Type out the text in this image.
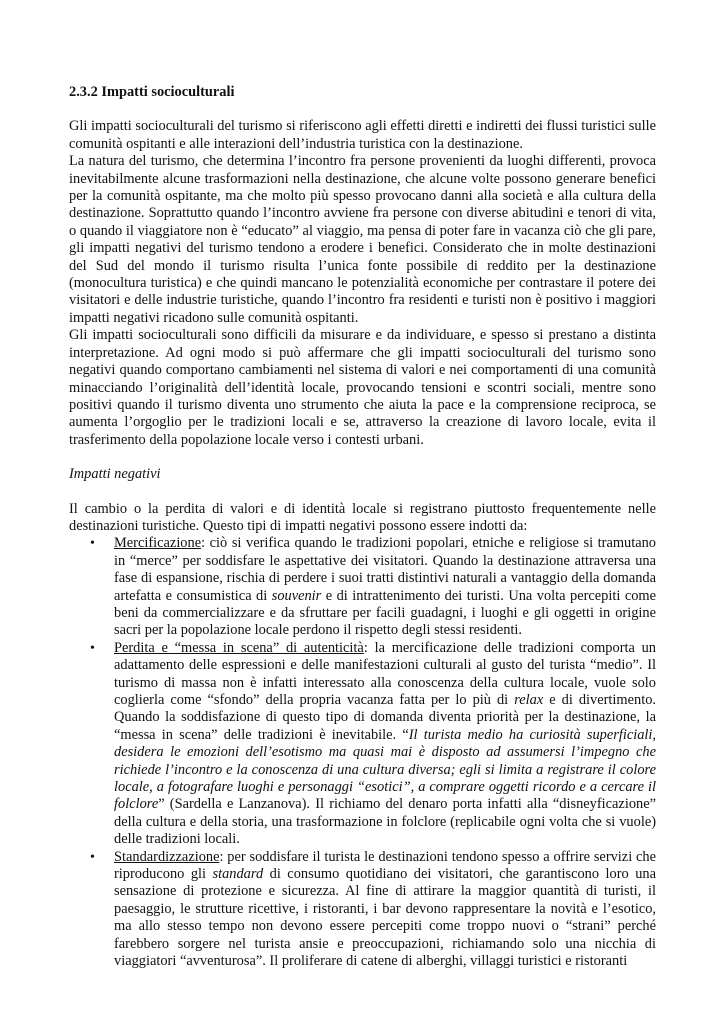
2.3.2 Impatti socioculturali

Gli impatti socioculturali del turismo si riferiscono agli effetti diretti e indiretti dei flussi turistici sulle comunità ospitanti e alle interazioni dell’industria turistica con la destinazione.

La natura del turismo, che determina l’incontro fra persone provenienti da luoghi differenti, provoca inevitabilmente alcune trasformazioni nella destinazione, che alcune volte possono generare benefici per la comunità ospitante, ma che molto più spesso provocano danni alla società e alla cultura della destinazione. Soprattutto quando l’incontro avviene fra persone con diverse abitudini e tenori di vita, o quando il viaggiatore non è “educato” al viaggio, ma pensa di poter fare in vacanza ciò che gli pare, gli impatti negativi del turismo tendono a erodere i benefici. Considerato che in molte destinazioni del Sud del mondo il turismo risulta l’unica fonte possibile di reddito per la destinazione (monocultura turistica) e che quindi mancano le potenzialità economiche per contrastare il potere dei visitatori e delle industrie turistiche, quando l’incontro fra residenti e turisti non è positivo i maggiori impatti negativi ricadono sulle comunità ospitanti.

Gli impatti socioculturali sono difficili da misurare e da individuare, e spesso si prestano a distinta interpretazione. Ad ogni modo si può affermare che gli impatti socioculturali del turismo sono negativi quando comportano cambiamenti nel sistema di valori e nei comportamenti di una comunità minacciando l’originalità dell’identità locale, provocando tensioni e scontri sociali, mentre sono positivi quando il turismo diventa uno strumento che aiuta la pace e la comprensione reciproca, se aumenta l’orgoglio per le tradizioni locali e se, attraverso la creazione di lavoro locale, evita il trasferimento della popolazione locale verso i contesti urbani.

Impatti negativi

Il cambio o la perdita di valori e di identità locale si registrano piuttosto frequentemente nelle destinazioni turistiche. Questo tipi di impatti negativi possono essere indotti da:

• Mercificazione: ciò si verifica quando le tradizioni popolari, etniche e religiose si tramutano in “merce” per soddisfare le aspettative dei visitatori. Quando la destinazione attraversa una fase di espansione, rischia di perdere i suoi tratti distintivi naturali a vantaggio della domanda artefatta e consumistica di souvenir e di intrattenimento dei turisti. Una volta percepiti come beni da commercializzare e da sfruttare per facili guadagni, i luoghi e gli oggetti in origine sacri per la popolazione locale perdono il rispetto degli stessi residenti.
• Perdita e “messa in scena” di autenticità: la mercificazione delle tradizioni comporta un adattamento delle espressioni e delle manifestazioni culturali al gusto del turista “medio”. Il turismo di massa non è infatti interessato alla conoscenza della cultura locale, vuole solo coglierla come “sfondo” della propria vacanza fatta per lo più di relax e di divertimento. Quando la soddisfazione di questo tipo di domanda diventa priorità per la destinazione, la “messa in scena” delle tradizioni è inevitabile. “Il turista medio ha curiosità superficiali, desidera le emozioni dell’esotismo ma quasi mai è disposto ad assumersi l’impegno che richiede l’incontro e la conoscenza di una cultura diversa; egli si limita a registrare il colore locale, a fotografare luoghi e personaggi “esotici”, a comprare oggetti ricordo e a cercare il folclore” (Sardella e Lanzanova). Il richiamo del denaro porta infatti alla “disneyficazione” della cultura e della storia, una trasformazione in folclore (replicabile ogni volta che si vuole) delle tradizioni locali.
• Standardizzazione: per soddisfare il turista le destinazioni tendono spesso a offrire servizi che riproducono gli standard di consumo quotidiano dei visitatori, che garantiscono loro una sensazione di protezione e sicurezza. Al fine di attirare la maggior quantità di turisti, il paesaggio, le strutture ricettive, i ristoranti, i bar devono rappresentare la novità e l’esotico, ma allo stesso tempo non devono essere percepiti come troppo nuovi o “strani” perché farebbero sorgere nel turista ansie e preoccupazioni, richiamando solo una nicchia di viaggiatori “avventurosa”. Il proliferare di catene di alberghi, villaggi turistici e ristoranti
